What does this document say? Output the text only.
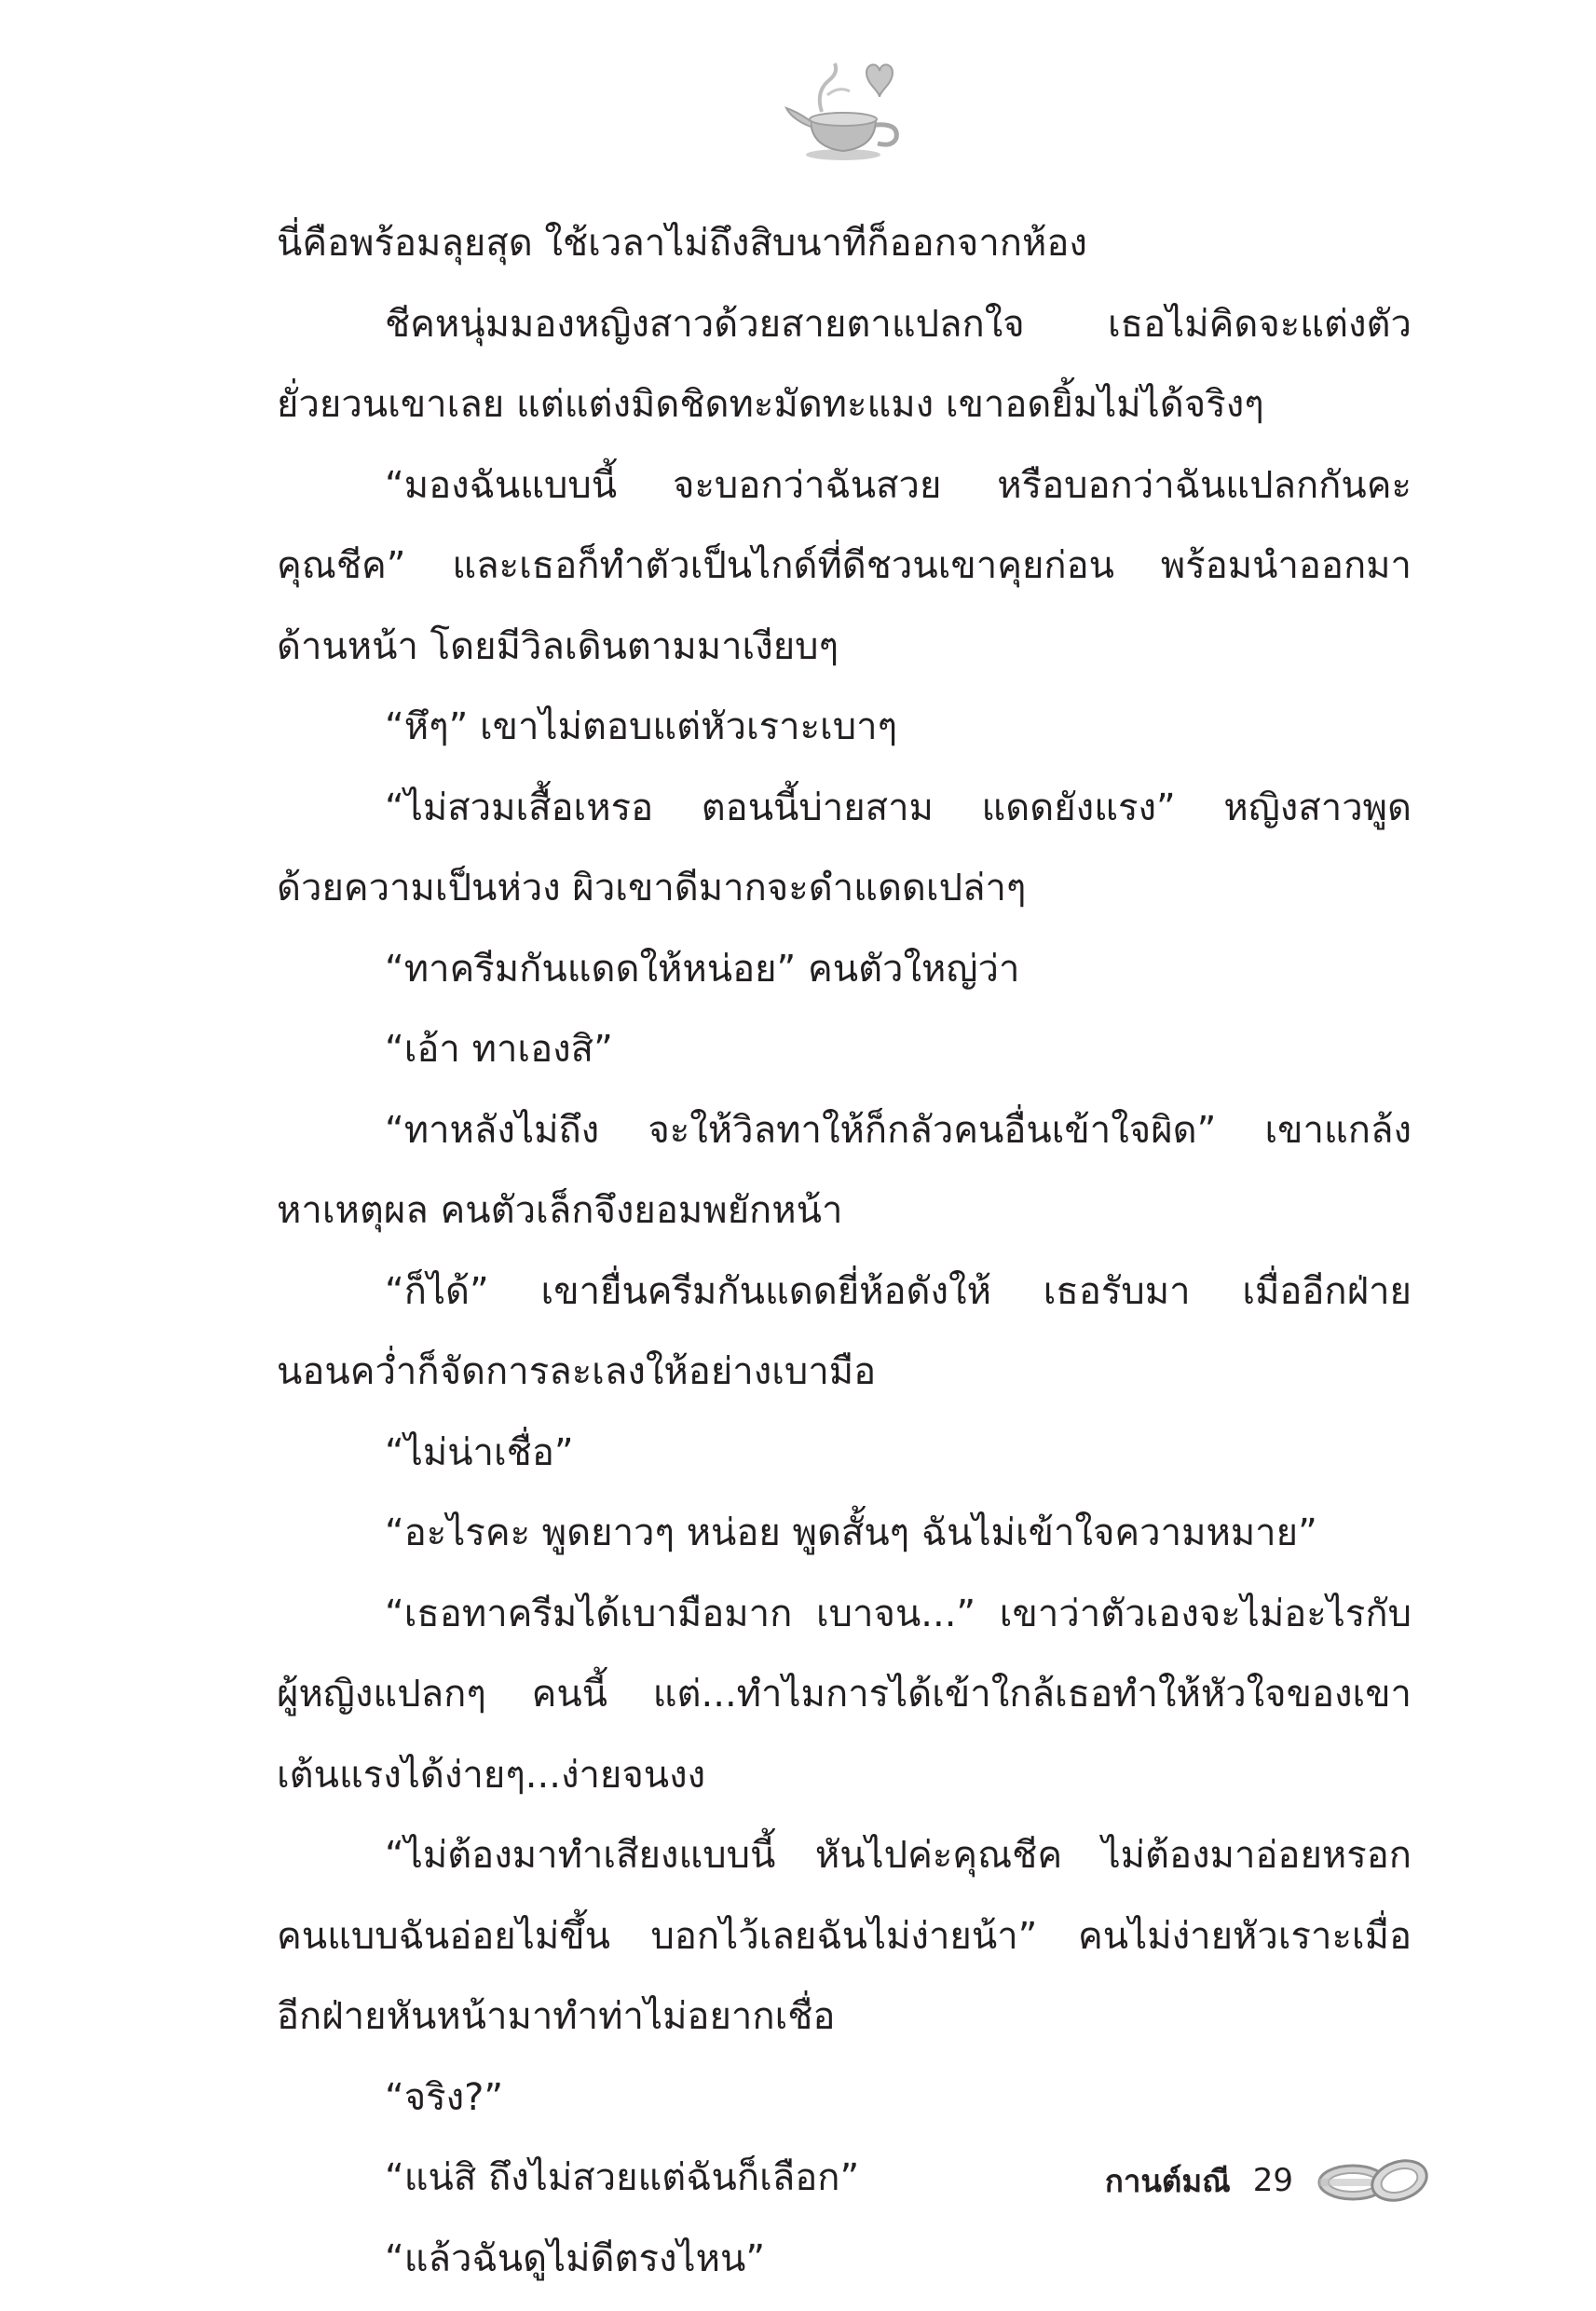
นี่คือพร้อมลุยสุด ใช้เวลาไม่ถึงสิบนาทีก็ออกจากห้อง
ชีคหนุ่มมองหญิงสาวด้วยสายตาแปลกใจ เธอไม่คิดจะแต่งตัว
ยั่วยวนเขาเลย แต่แต่งมิดชิดทะมัดทะแมง เขาอดยิ้มไม่ได้จริงๆ
“มองฉันแบบนี้ จะบอกว่าฉันสวย หรือบอกว่าฉันแปลกกันคะ
คุณชีค” และเธอก็ทำตัวเป็นไกด์ที่ดีชวนเขาคุยก่อน พร้อมนำออกมา
ด้านหน้า โดยมีวิลเดินตามมาเงียบๆ
“หึๆ” เขาไม่ตอบแต่หัวเราะเบาๆ
“ไม่สวมเสื้อเหรอ ตอนนี้บ่ายสาม แดดยังแรง” หญิงสาวพูด
ด้วยความเป็นห่วง ผิวเขาดีมากจะดำแดดเปล่าๆ
“ทาครีมกันแดดให้หน่อย” คนตัวใหญ่ว่า
“เอ้า ทาเองสิ”
“ทาหลังไม่ถึง จะให้วิลทาให้ก็กลัวคนอื่นเข้าใจผิด” เขาแกล้ง
หาเหตุผล คนตัวเล็กจึงยอมพยักหน้า
“ก็ได้” เขายื่นครีมกันแดดยี่ห้อดังให้ เธอรับมา เมื่ออีกฝ่าย
นอนคว่ำก็จัดการละเลงให้อย่างเบามือ
“ไม่น่าเชื่อ”
“อะไรคะ พูดยาวๆ หน่อย พูดสั้นๆ ฉันไม่เข้าใจความหมาย”
“เธอทาครีมได้เบามือมาก เบาจน...” เขาว่าตัวเองจะไม่อะไรกับ
ผู้หญิงแปลกๆ คนนี้ แต่...ทำไมการได้เข้าใกล้เธอทำให้หัวใจของเขา
เต้นแรงได้ง่ายๆ...ง่ายจนงง
“ไม่ต้องมาทำเสียงแบบนี้ หันไปค่ะคุณชีค ไม่ต้องมาอ่อยหรอก
คนแบบฉันอ่อยไม่ขึ้น บอกไว้เลยฉันไม่ง่ายน้า” คนไม่ง่ายหัวเราะเมื่อ
อีกฝ่ายหันหน้ามาทำท่าไม่อยากเชื่อ
“จริง?”
“แน่สิ ถึงไม่สวยแต่ฉันก็เลือก”
“แล้วฉันดูไม่ดีตรงไหน”
กานต์มณี 29
